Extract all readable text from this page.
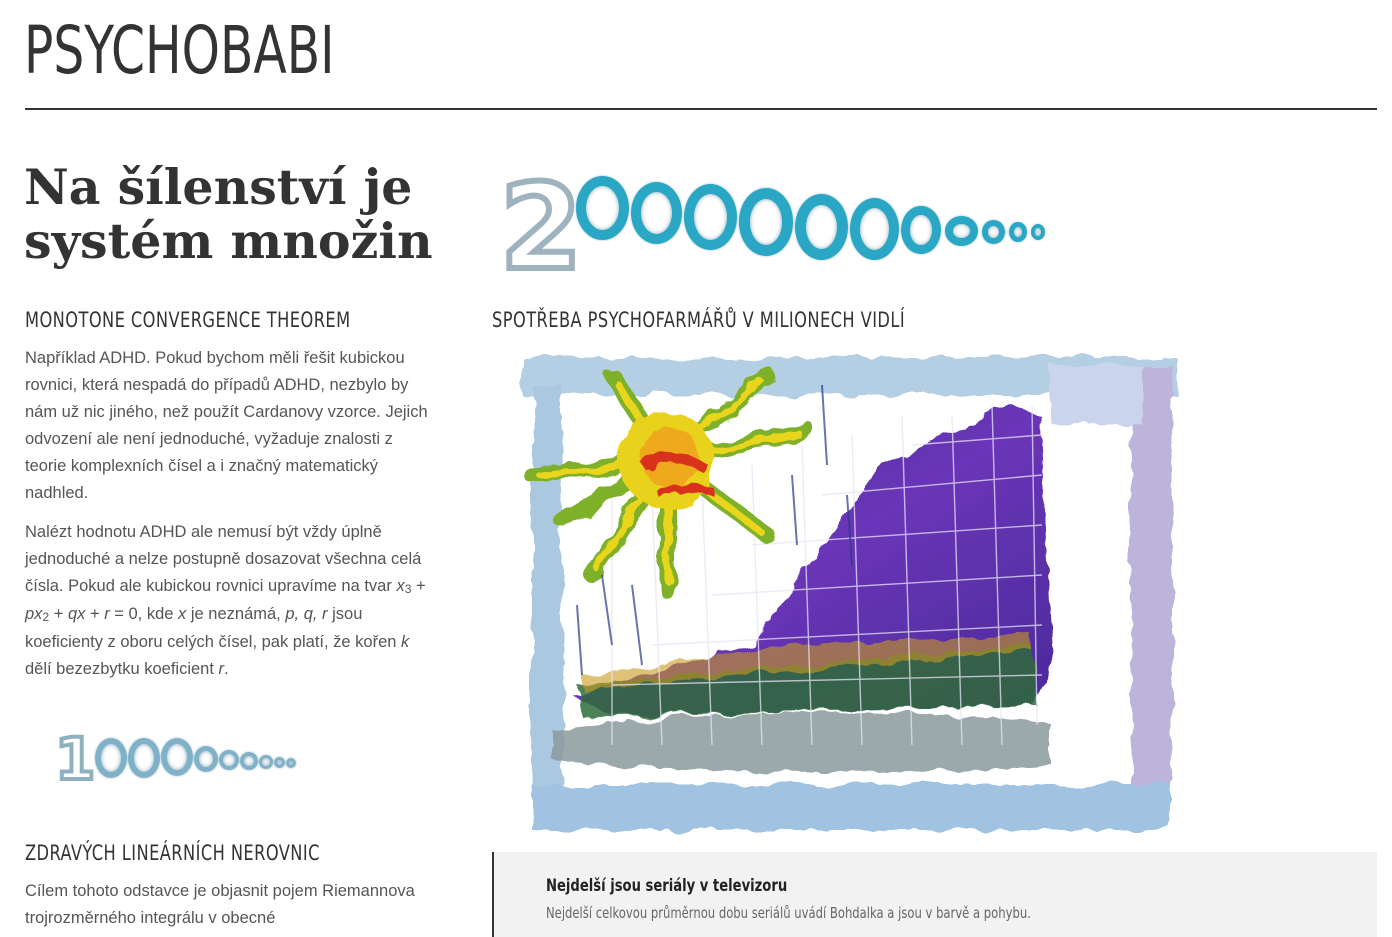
PSYCHOBABI
Na šílenství je systém množin 2
MONOTONE CONVERGENCE THEOREM

Například ADHD. Pokud bychom měli řešit kubickou rovnici, která nespadá do případů ADHD, nezbylo by nám už nic jiného, než použít Cardanovy vzorce. Jejich odvození ale není jednoduché, vyžaduje znalosti z teorie komplexních čísel a i značný matematický nadhled.

Nalézt hodnotu ADHD ale nemusí být vždy úplně jednoduché a nelze postupně dosazovat všechna celá čísla. Pokud ale kubickou rovnici upravíme na tvar $x_3 + px_2$ + qx + r = 0, kde x je neznámá, p, q, r jsou koeficienty z oboru celých čísel, pak platí, že kořen k dělí bezezbytku koeficient r.

1
ZDRAVÝCH LINEÁRNÍCH NEROVNIC

Cílem tohoto odstavce je objasnit pojem Riemannova trojrozměrného integrálu v obecné

SPOTŘEBA PSYCHOFARMÁŘŮ V MILIONECH VIDLÍ

Nejdelší jsou seriály v televizoru

Nejdelší celkovou průměrnou dobu seriálů uvádí Bohdalka a jsou v barvě a pohybu.
